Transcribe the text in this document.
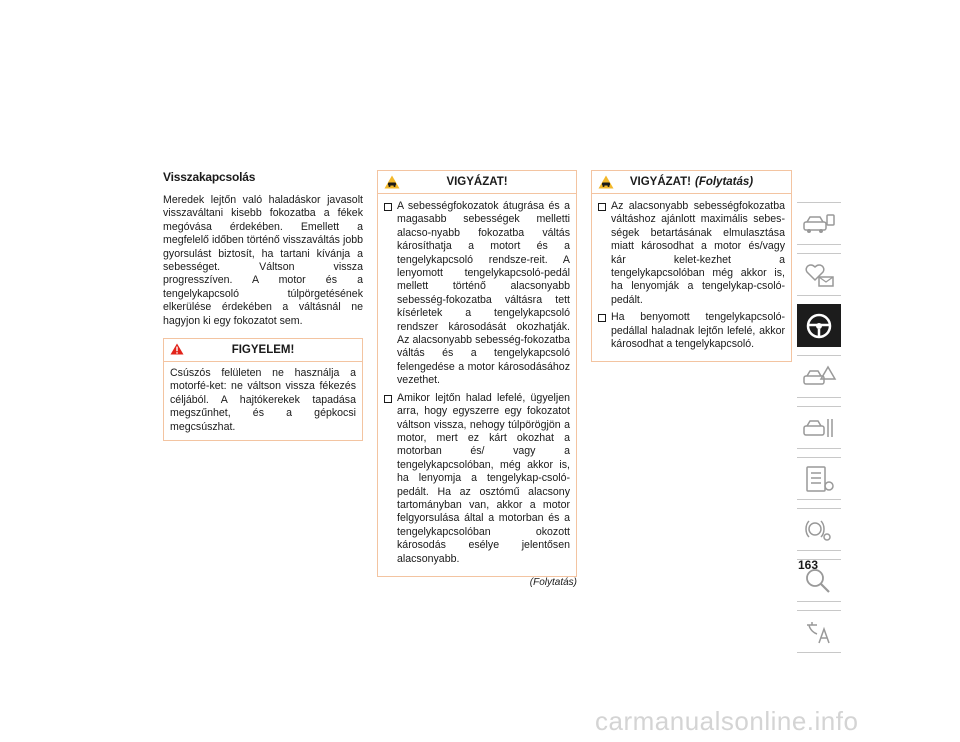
Visszakapcsolás

Meredek lejtőn való haladáskor javasolt visszaváltani kisebb fokozatba a fékek megóvása érdekében. Emellett a megfelelő időben történő visszaváltás jobb gyorsulást biztosít, ha tartani kívánja a sebességet. Váltson vissza progresszíven. A motor és a tengelykapcsoló túlpörgetésének elkerülése érdekében a váltásnál ne hagyjon ki egy fokozatot sem.

FIGYELEM!

Csúszós felületen ne használja a motorfé-ket: ne váltson vissza fékezés céljából. A hajtókerekek tapadása megszűnhet, és a gépkocsi megcsúszhat.

VIGYÁZAT!
A sebességfokozatok átugrása és a magasabb sebességek melletti alacso-nyabb fokozatba váltás károsíthatja a motort és a tengelykapcsoló rendsze-reit. A lenyomott tengelykapcsoló-pedál mellett történő alacsonyabb sebesség-fokozatba váltásra tett kísérletek a tengelykapcsoló rendszer károsodását okozhatják. Az alacsonyabb sebesség-fokozatba váltás és a tengelykapcsoló felengedése a motor károsodásához vezethet.
Amikor lejtőn halad lefelé, ügyeljen arra, hogy egyszerre egy fokozatot váltson vissza, nehogy túlpörögjön a motor, mert ez kárt okozhat a motorban és/ vagy a tengelykapcsolóban, még akkor is, ha lenyomja a tengelykap-csoló-pedált. Ha az osztómű alacsony tartományban van, akkor a motor felgyorsulása által a motorban és a tengelykapcsolóban okozott károsodás esélye jelentősen alacsonyabb.
(Folytatás)
VIGYÁZAT! (Folytatás)
Az alacsonyabb sebességfokozatba váltáshoz ajánlott maximális sebes-ségek betartásának elmulasztása miatt károsodhat a motor és/vagy kár kelet-kezhet a tengelykapcsolóban még akkor is, ha lenyomják a tengelykap-csoló-pedált.
Ha benyomott tengelykapcsoló-pedállal haladnak lejtőn lefelé, akkor károsodhat a tengelykapcsoló.
163
carmanualsonline.info
